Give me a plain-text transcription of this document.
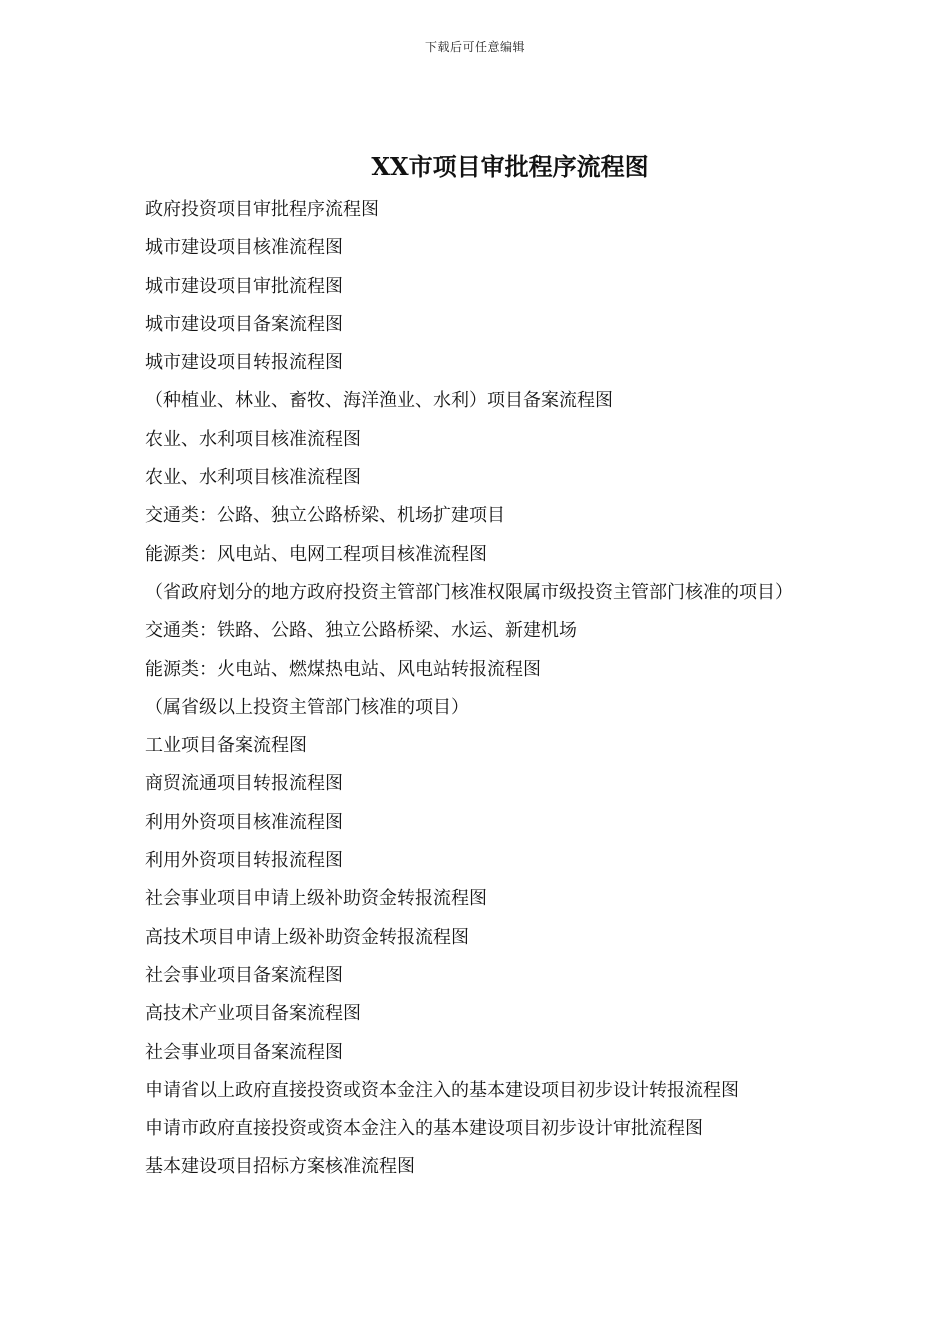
下载后可任意编辑
XX市项目审批程序流程图
政府投资项目审批程序流程图
城市建设项目核准流程图
城市建设项目审批流程图
城市建设项目备案流程图
城市建设项目转报流程图
（种植业、林业、畜牧、海洋渔业、水利）项目备案流程图
农业、水利项目核准流程图
农业、水利项目核准流程图
交通类：公路、独立公路桥梁、机场扩建项目
能源类：风电站、电网工程项目核准流程图
（省政府划分的地方政府投资主管部门核准权限属市级投资主管部门核准的项目）
交通类：铁路、公路、独立公路桥梁、水运、新建机场
能源类：火电站、燃煤热电站、风电站转报流程图
（属省级以上投资主管部门核准的项目）
工业项目备案流程图
商贸流通项目转报流程图
利用外资项目核准流程图
利用外资项目转报流程图
社会事业项目申请上级补助资金转报流程图
高技术项目申请上级补助资金转报流程图
社会事业项目备案流程图
高技术产业项目备案流程图
社会事业项目备案流程图
申请省以上政府直接投资或资本金注入的基本建设项目初步设计转报流程图
申请市政府直接投资或资本金注入的基本建设项目初步设计审批流程图
基本建设项目招标方案核准流程图
